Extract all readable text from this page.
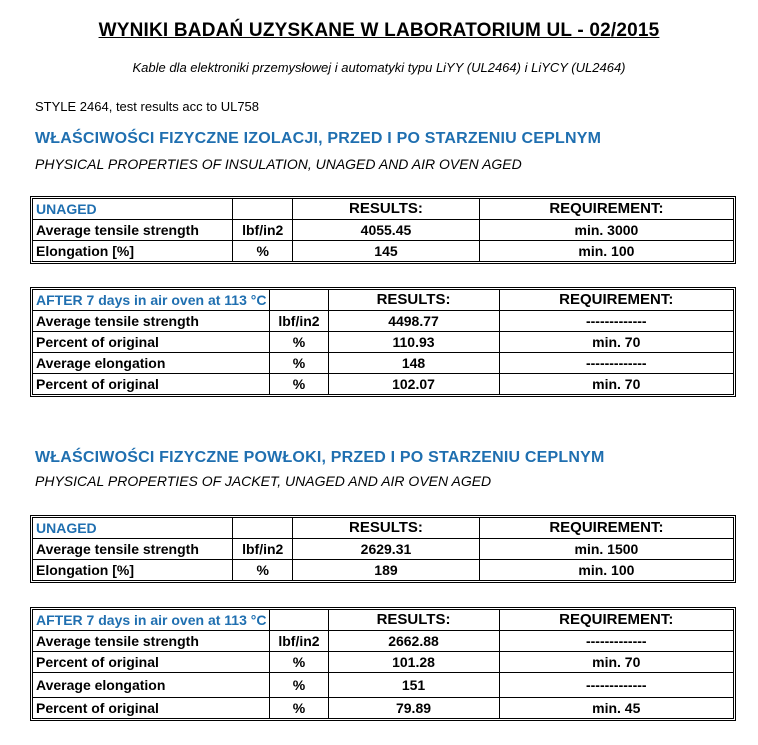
WYNIKI BADAŃ UZYSKANE W LABORATORIUM UL - 02/2015
Kable dla elektroniki przemysłowej i automatyki typu LiYY (UL2464) i LiYCY (UL2464)
STYLE 2464, test results acc to UL758
WŁAŚCIWOŚCI FIZYCZNE IZOLACJI, PRZED I PO STARZENIU CEPLNYM
PHYSICAL PROPERTIES OF INSULATION, UNAGED AND AIR OVEN AGED
UNAGED		RESULTS:	REQUIREMENT:
Average tensile strength	lbf/in2	4055.45	min. 3000
Elongation [%]	%	145	min. 100
AFTER 7 days in air oven at 113 °C		RESULTS:	REQUIREMENT:
Average tensile strength	lbf/in2	4498.77	-------------
Percent of original	%	110.93	min. 70
Average elongation	%	148	-------------
Percent of original	%	102.07	min. 70
WŁAŚCIWOŚCI FIZYCZNE POWŁOKI, PRZED I PO STARZENIU CEPLNYM
PHYSICAL PROPERTIES OF JACKET, UNAGED AND AIR OVEN AGED
UNAGED		RESULTS:	REQUIREMENT:
Average tensile strength	lbf/in2	2629.31	min. 1500
Elongation [%]	%	189	min. 100
AFTER 7 days in air oven at 113 °C		RESULTS:	REQUIREMENT:
Average tensile strength	lbf/in2	2662.88	-------------
Percent of original	%	101.28	min. 70
Average elongation	%	151	-------------
Percent of original	%	79.89	min. 45
